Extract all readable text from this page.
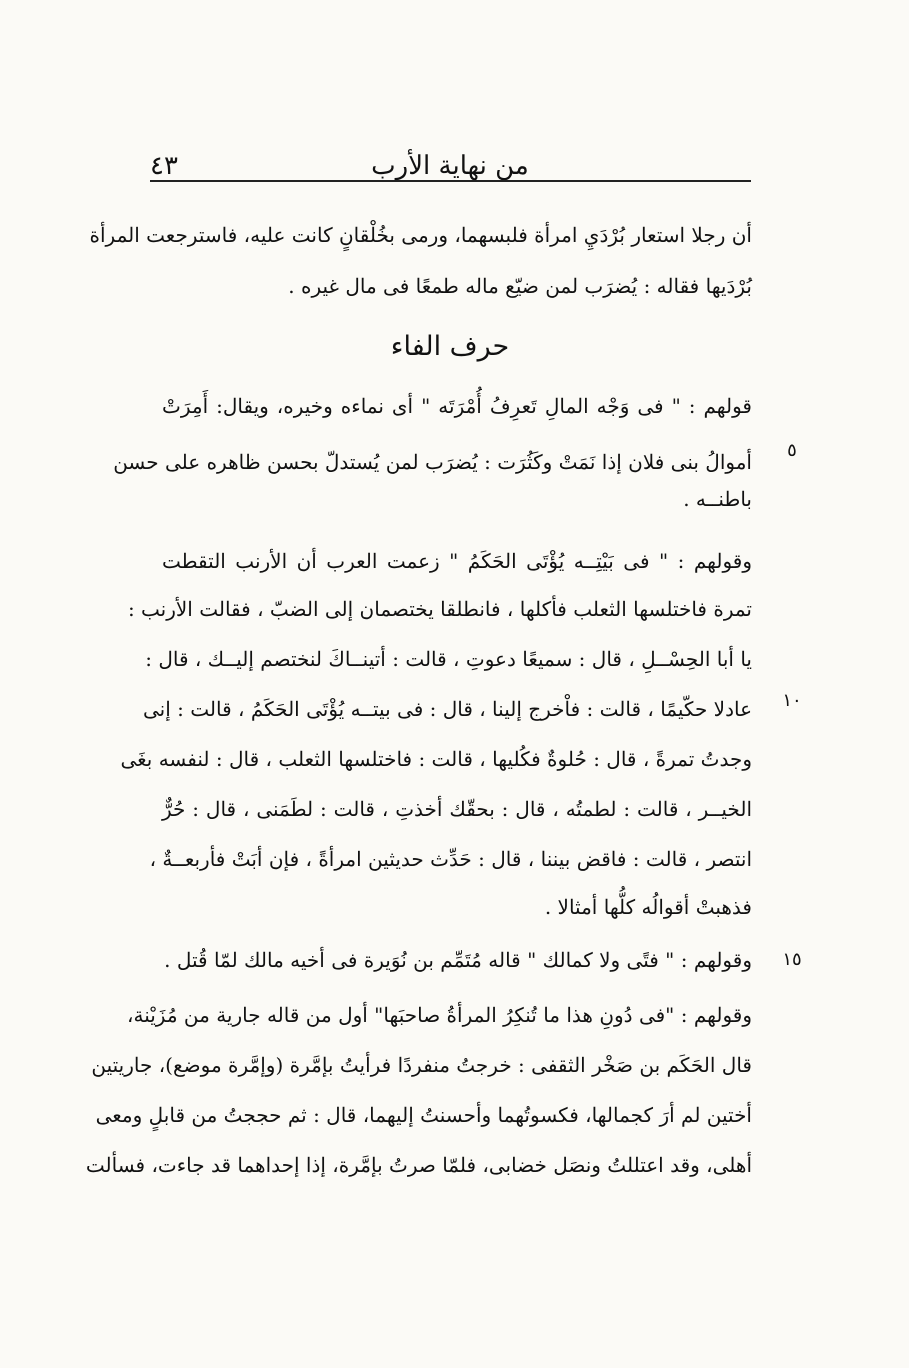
من نهاية الأرب
٤٣
أن رجلا استعار بُرْدَيِ امرأة فلبسهما، ورمى بخُلْقانٍ كانت عليه، فاسترجعت المرأة
بُرْدَيها فقاله : يُضرَب لمن ضيّع ماله طمعًا فى مال غيره .
حرف الفاء
قولهم : " فى وَجْه المالِ تَعرِفُ أُمْرَتَه " أى نماءه وخيره، ويقال: أَمِرَتْ
أموالُ بنى فلان إذا نَمَتْ وكَثُرَت : يُضرَب لمن يُستدلّ بحسن ظاهره على حسن	٥
باطنــه .
وقولهم : " فى بَيْتِــه يُؤْتَى الحَكَمُ " زعمت العرب أن الأرنب التقطت
تمرة فاختلسها الثعلب فأكلها ، فانطلقا يختصمان إلى الضبّ ، فقالت الأرنب :
يا أبا الحِسْــلِ ، قال : سميعًا دعوتِ ، قالت : أتينــاكَ لنختصم إليــك ، قال :
عادلا حكّيمًا ، قالت : فاْخرج إلينا ، قال : فى بيتــه يُؤْتَى الحَكَمُ ، قالت : إنى	١٠
وجدتُ تمرةً ، قال : حُلوةٌ فكُليها ، قالت : فاختلسها الثعلب ، قال : لنفسه بغَى
الخيــر ، قالت : لطمتُه ، قال : بحقّك أخذتِ ، قالت : لطَمَنى ، قال : حُرٌّ
انتصر ، قالت : فاقض بيننا ، قال : حَدِّث حديثين امرأةً ، فإن أبَتْ فأربعــةٌ ،
فذهبتْ أقوالُه كلُّها أمثالا .
وقولهم : " فتًى ولا كمالك " قاله مُتَمِّم بن نُوَيرة فى أخيه مالك لمّا قُتل .	١٥
وقولهم : "فى دُونِ هذا ما تُنكِرُ المرأةُ صاحبَها" أول من قاله جارية من مُزَيْنة،
قال الحَكَم بن صَخْر الثقفى : خرجتُ منفردًا فرأيتُ بإمَّرة (وإمَّرة موضع)، جاريتين
أختين لم أرَ كجمالها، فكسوتُهما وأحسنتُ إليهما، قال : ثم حججتُ من قابلٍ ومعى
أهلى، وقد اعتللتُ ونصَل خضابى، فلمّا صرتُ بإمَّرة، إذا إحداهما قد جاءت، فسألت
